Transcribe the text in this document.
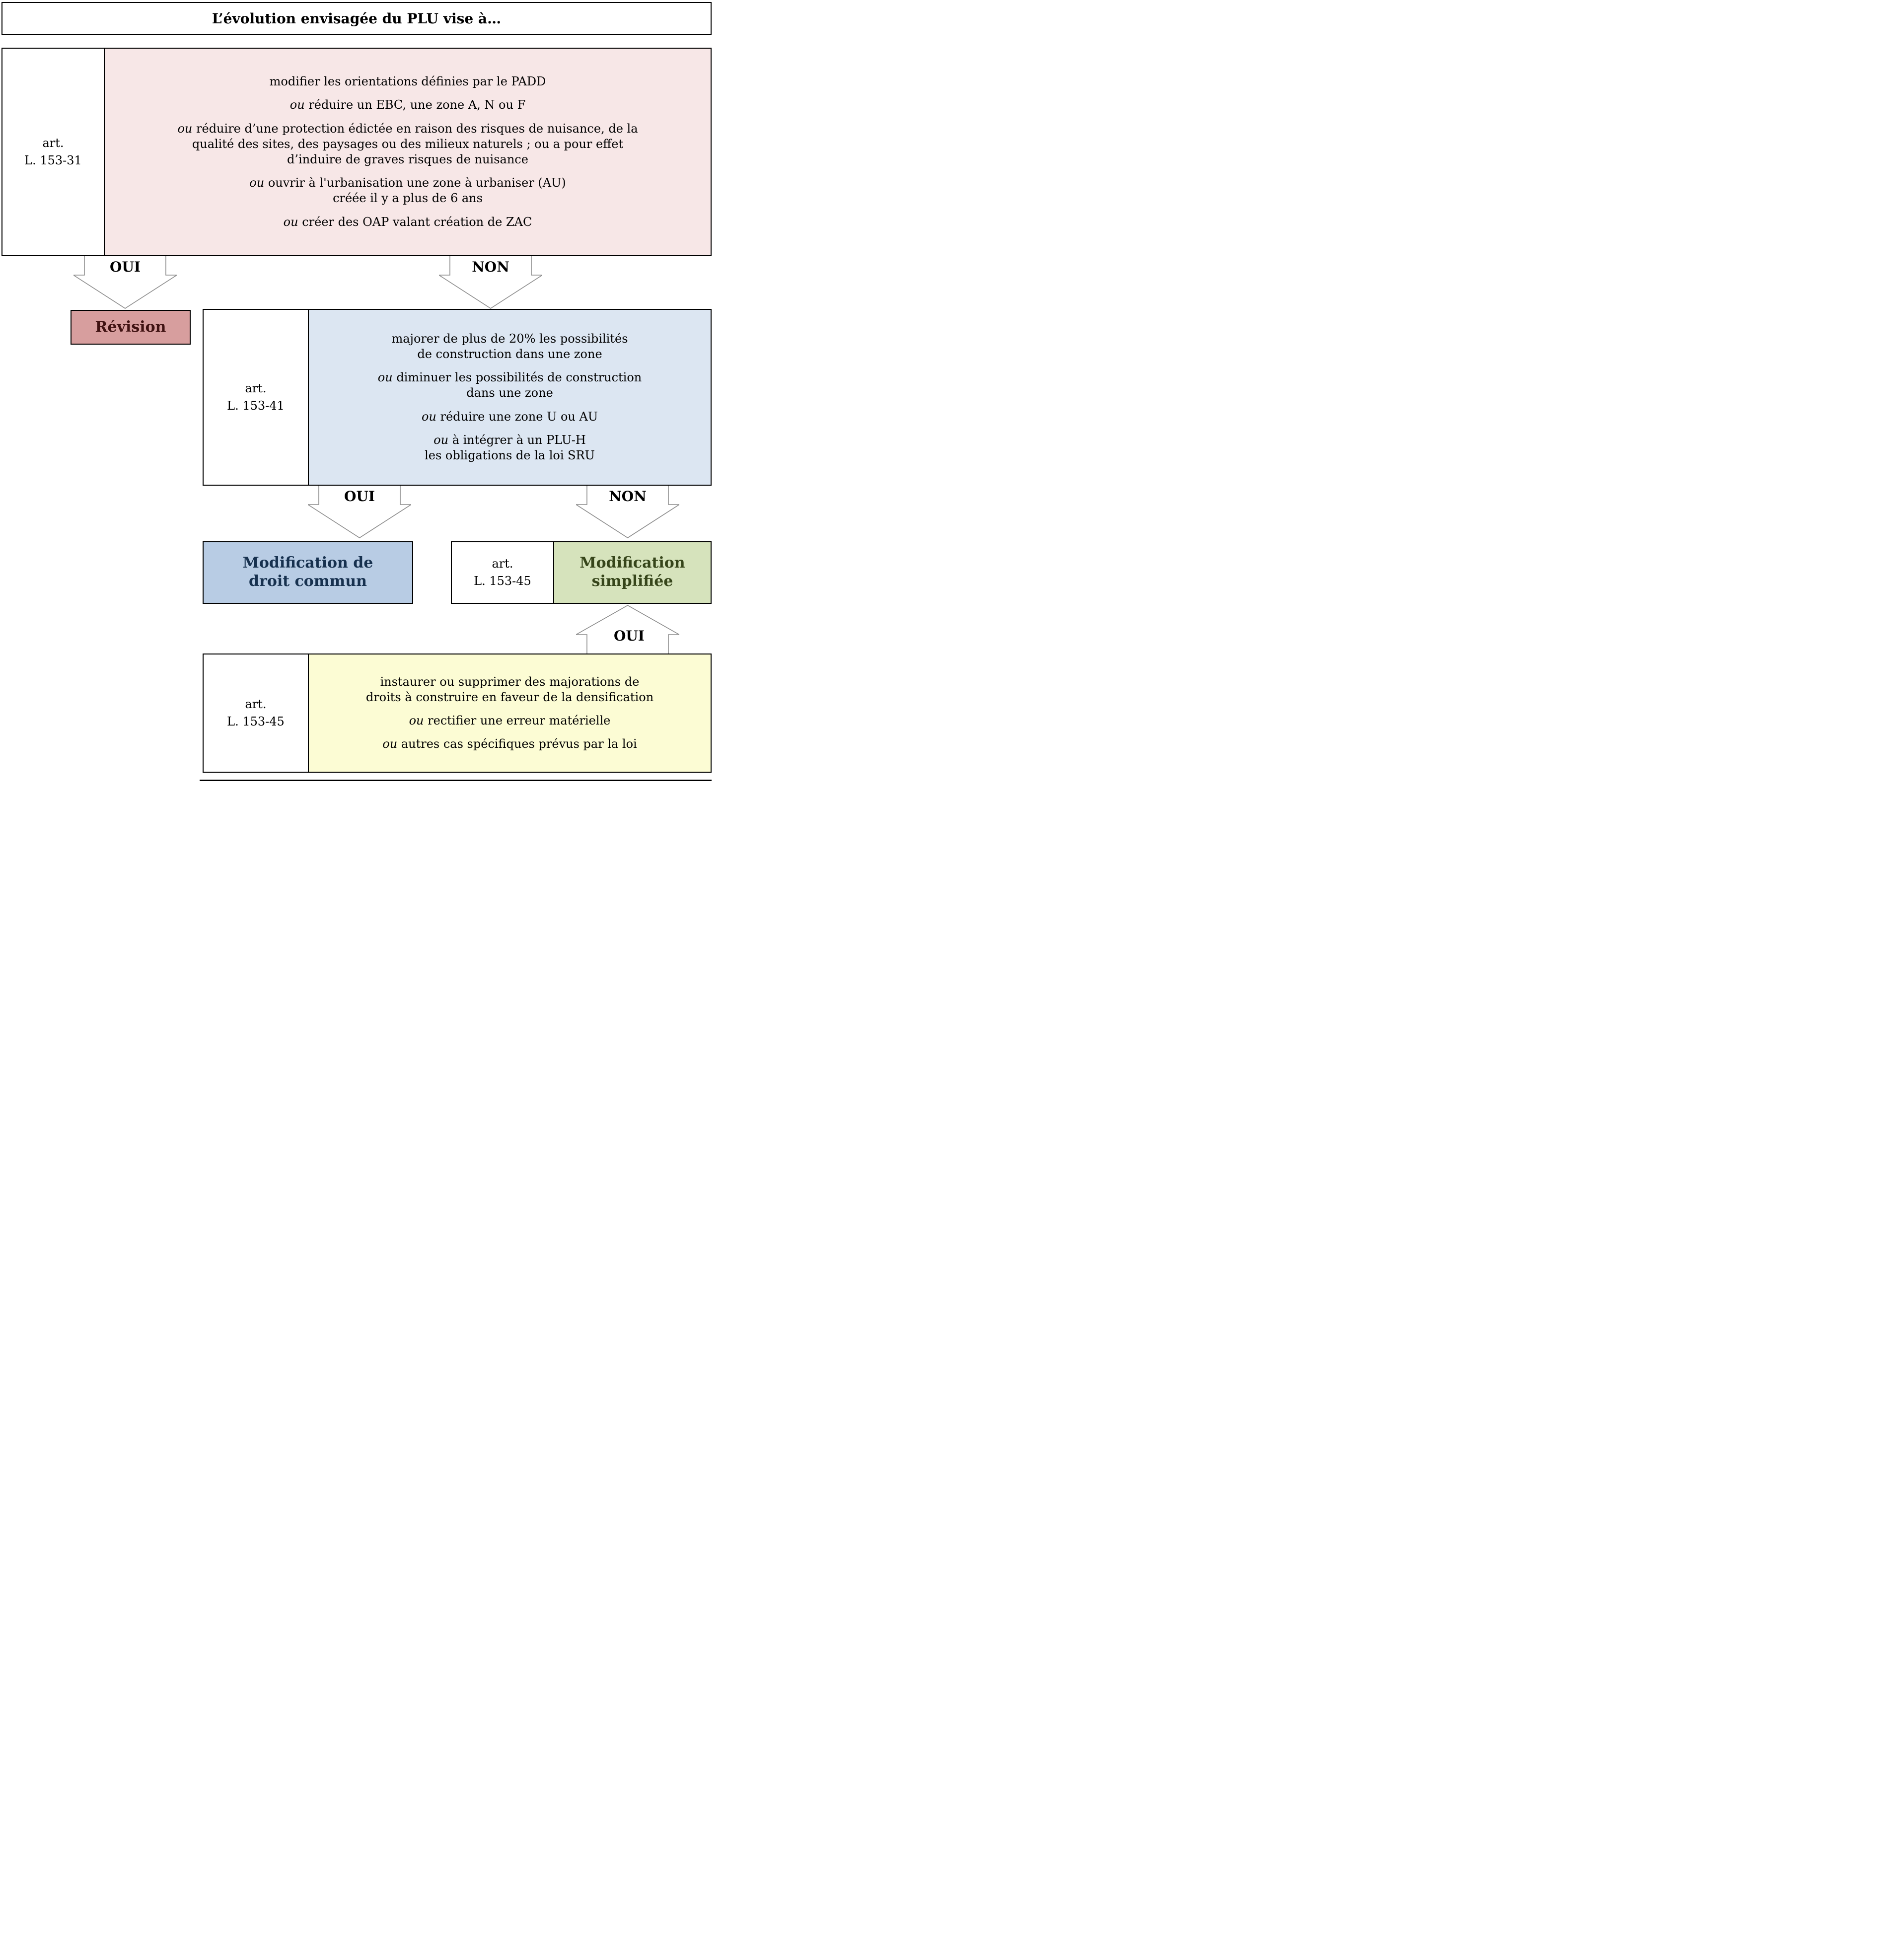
L’évolution envisagée du PLU vise à…
art.
L. 153-31

modifier les orientations définies par le PADD

ou réduire un EBC, une zone A, N ou F

ou réduire d’une protection édictée en raison des risques de nuisance, de la
qualité des sites, des paysages ou des milieux naturels ; ou a pour effet
d’induire de graves risques de nuisance

ou ouvrir à l'urbanisation une zone à urbaniser (AU)
créée il y a plus de 6 ans

ou créer des OAP valant création de ZAC

OUI	NON
Révision
art.
L. 153-41

majorer de plus de 20% les possibilités
de construction dans une zone

ou diminuer les possibilités de construction
dans une zone

ou réduire une zone U ou AU

ou à intégrer à un PLU-H
les obligations de la loi SRU

OUI	NON
Modification de
droit commun
art.
L. 153-45
Modification
simplifiée
OUI
art.
L. 153-45

instaurer ou supprimer des majorations de
droits à construire en faveur de la densification

ou rectifier une erreur matérielle

ou autres cas spécifiques prévus par la loi
